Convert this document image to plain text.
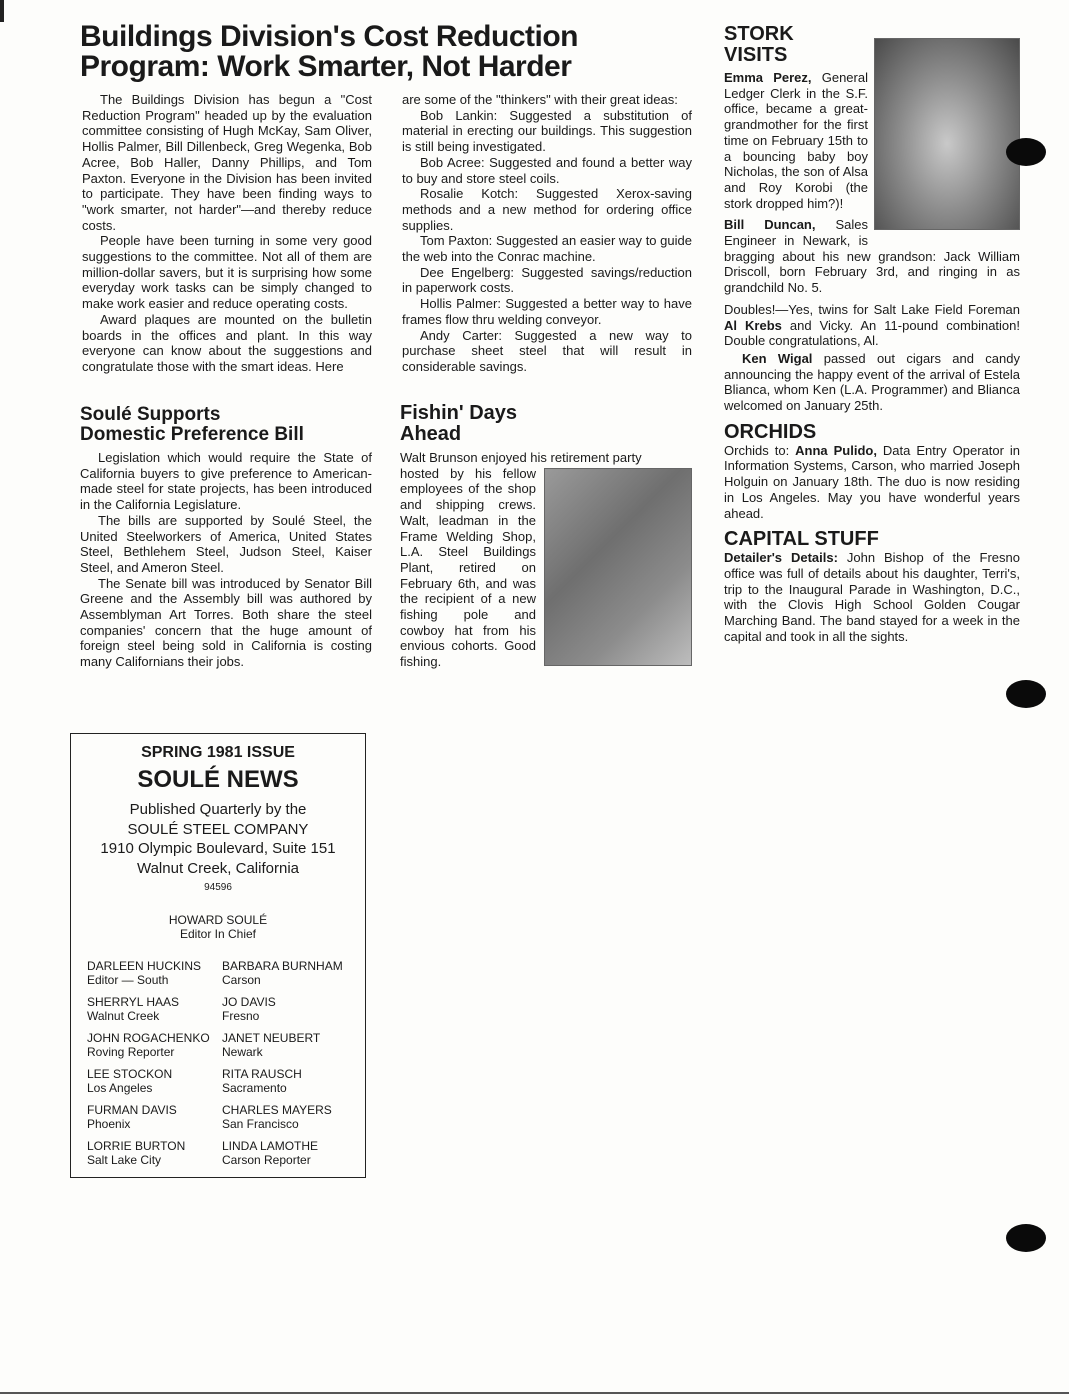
Buildings Division's Cost Reduction
Program: Work Smarter, Not Harder

The Buildings Division has begun a "Cost Reduction Program" headed up by the evaluation committee consisting of Hugh McKay, Sam Oliver, Hollis Palmer, Bill Dillenbeck, Greg Wegenka, Bob Acree, Bob Haller, Danny Phillips, and Tom Paxton. Everyone in the Division has been invited to participate. They have been finding ways to "work smarter, not harder"—and thereby reduce costs.

People have been turning in some very good suggestions to the committee. Not all of them are million-dollar savers, but it is surprising how some everyday work tasks can be simply changed to make work easier and reduce operating costs.

Award plaques are mounted on the bulletin boards in the offices and plant. In this way everyone can know about the suggestions and congratulate those with the smart ideas. Here

are some of the "thinkers" with their great ideas:

Bob Lankin: Suggested a substitution of material in erecting our buildings. This suggestion is still being investigated.

Bob Acree: Suggested and found a better way to buy and store steel coils.

Rosalie Kotch: Suggested Xerox-saving methods and a new method for ordering office supplies.

Tom Paxton: Suggested an easier way to guide the web into the Conrac machine.

Dee Engelberg: Suggested savings/reduction in paperwork costs.

Hollis Palmer: Suggested a better way to have frames flow thru welding conveyor.

Andy Carter: Suggested a new way to purchase sheet steel that will result in considerable savings.

Soulé Supports
Domestic Preference Bill

Legislation which would require the State of California buyers to give preference to American-made steel for state projects, has been introduced in the California Legislature.

The bills are supported by Soulé Steel, the United Steelworkers of America, United States Steel, Bethlehem Steel, Judson Steel, Kaiser Steel, and Ameron Steel.

The Senate bill was introduced by Senator Bill Greene and the Assembly bill was authored by Assemblyman Art Torres. Both share the steel companies' concern that the huge amount of foreign steel being sold in California is costing many Californians their jobs.

Fishin' Days
Ahead

Walt Brunson enjoyed his retirement party

hosted by his fellow employees of the shop and shipping crews. Walt, leadman in the Frame Welding Shop, L.A. Steel Buildings Plant, retired on February 6th, and was the recipient of a new fishing pole and cowboy hat from his envious cohorts. Good fishing.

STORK
VISITS

Emma Perez, General Ledger Clerk in the S.F. office, became a great-grandmother for the first time on February 15th to a bouncing baby boy Nicholas, the son of Alsa and Roy Korobi (the stork dropped him?)!

Bill Duncan, Sales Engineer in Newark, is bragging about his new grandson: Jack William Driscoll, born February 3rd, and ringing in as grandchild No. 5.

Doubles!—Yes, twins for Salt Lake Field Foreman Al Krebs and Vicky. An 11-pound combination! Double congratulations, Al.

Ken Wigal passed out cigars and candy announcing the happy event of the arrival of Estela Blianca, whom Ken (L.A. Programmer) and Blianca welcomed on January 25th.

ORCHIDS

Orchids to: Anna Pulido, Data Entry Operator in Information Systems, Carson, who married Joseph Holguin on January 18th. The duo is now residing in Los Angeles. May you have wonderful years ahead.

CAPITAL STUFF

Detailer's Details: John Bishop of the Fresno office was full of details about his daughter, Terri's, trip to the Inaugural Parade in Washington, D.C., with the Clovis High School Golden Cougar Marching Band. The band stayed for a week in the capital and took in all the sights.

SPRING 1981 ISSUE
SOULÉ NEWS
Published Quarterly by the
SOULÉ STEEL COMPANY
1910 Olympic Boulevard, Suite 151
Walnut Creek, California
94596
HOWARD SOULÉ
Editor In Chief
DARLEEN HUCKINS
Editor — South
BARBARA BURNHAM
Carson
SHERRYL HAAS
Walnut Creek
JO DAVIS
Fresno
JOHN ROGACHENKO
Roving Reporter
JANET NEUBERT
Newark
LEE STOCKON
Los Angeles
RITA RAUSCH
Sacramento
FURMAN DAVIS
Phoenix
CHARLES MAYERS
San Francisco
LORRIE BURTON
Salt Lake City
LINDA LAMOTHE
Carson Reporter
